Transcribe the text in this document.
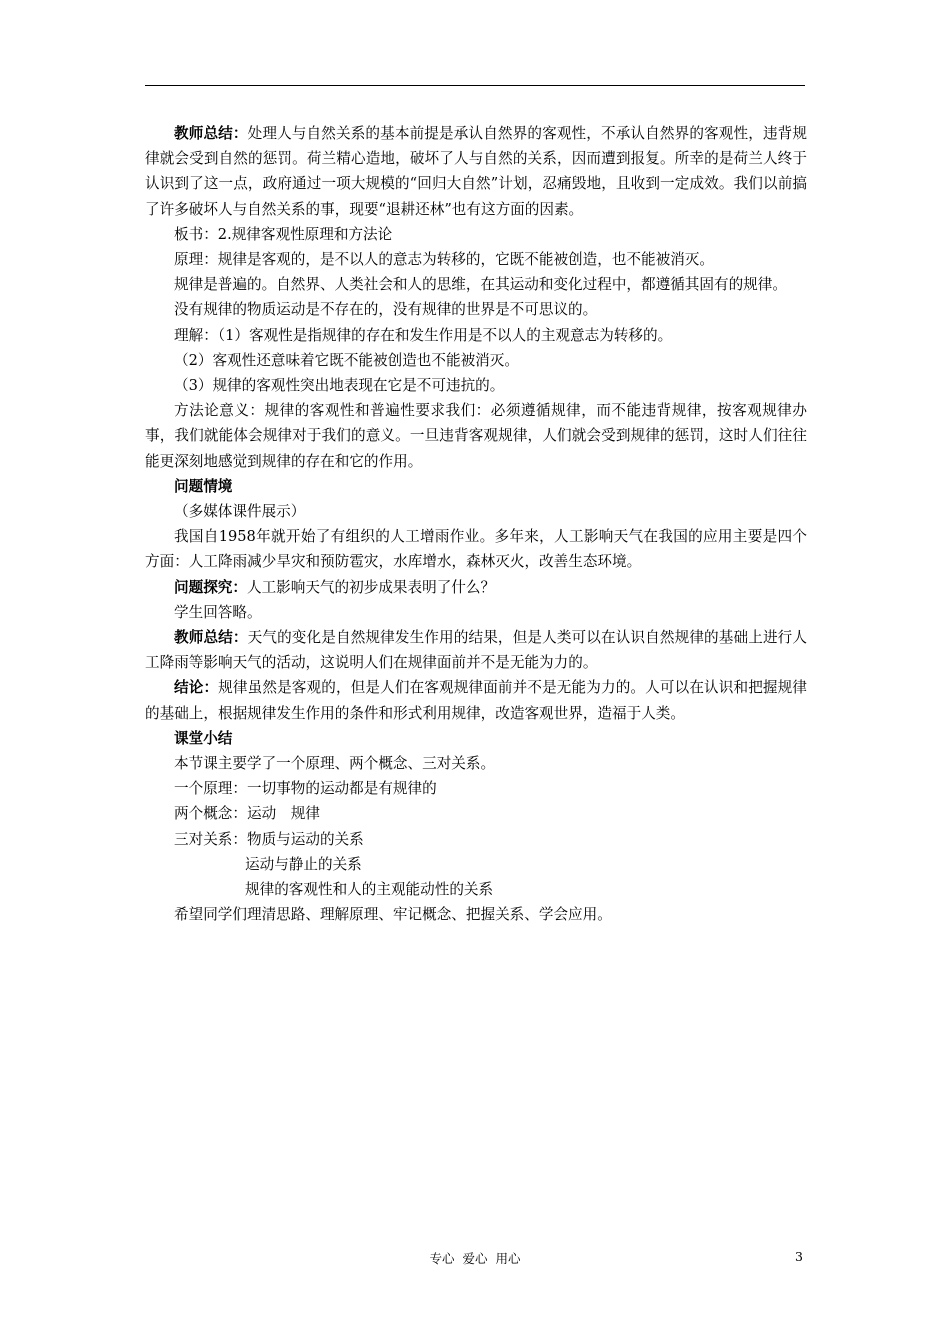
教师总结：处理人与自然关系的基本前提是承认自然界的客观性，不承认自然界的客观性，违背规律就会受到自然的惩罚。荷兰精心造地，破坏了人与自然的关系，因而遭到报复。所幸的是荷兰人终于认识到了这一点，政府通过一项大规模的“回归大自然”计划，忍痛毁地，且收到一定成效。我们以前搞了许多破坏人与自然关系的事，现要“退耕还林”也有这方面的因素。

板书：2.规律客观性原理和方法论

原理：规律是客观的，是不以人的意志为转移的，它既不能被创造，也不能被消灭。

规律是普遍的。自然界、人类社会和人的思维，在其运动和变化过程中，都遵循其固有的规律。

没有规律的物质运动是不存在的，没有规律的世界是不可思议的。

理解：（1）客观性是指规律的存在和发生作用是不以人的主观意志为转移的。

（2）客观性还意味着它既不能被创造也不能被消灭。

（3）规律的客观性突出地表现在它是不可违抗的。

方法论意义：规律的客观性和普遍性要求我们：必须遵循规律，而不能违背规律，按客观规律办事，我们就能体会规律对于我们的意义。一旦违背客观规律，人们就会受到规律的惩罚，这时人们往往能更深刻地感觉到规律的存在和它的作用。

问题情境

（多媒体课件展示）

我国自1958年就开始了有组织的人工增雨作业。多年来，人工影响天气在我国的应用主要是四个方面：人工降雨减少旱灾和预防雹灾，水库增水，森林灭火，改善生态环境。

问题探究：人工影响天气的初步成果表明了什么？

学生回答略。

教师总结：天气的变化是自然规律发生作用的结果，但是人类可以在认识自然规律的基础上进行人工降雨等影响天气的活动，这说明人们在规律面前并不是无能为力的。

结论：规律虽然是客观的，但是人们在客观规律面前并不是无能为力的。人可以在认识和把握规律的基础上，根据规律发生作用的条件和形式利用规律，改造客观世界，造福于人类。

课堂小结

本节课主要学了一个原理、两个概念、三对关系。

一个原理：一切事物的运动都是有规律的

两个概念：运动　规律

三对关系：物质与运动的关系

运动与静止的关系

规律的客观性和人的主观能动性的关系

希望同学们理清思路、理解原理、牢记概念、把握关系、学会应用。

专心 爱心 用心	3
